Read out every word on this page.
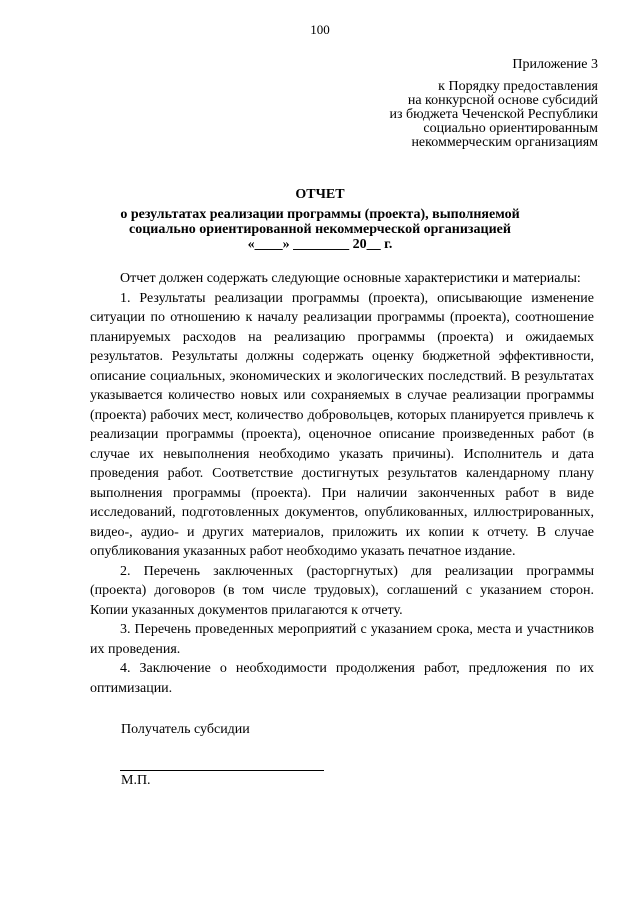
100
Приложение 3
к Порядку предоставления
на конкурсной основе субсидий
из бюджета Чеченской Республики
социально ориентированным
некоммерческим организациям
ОТЧЕТ
о результатах реализации программы (проекта), выполняемой
социально ориентированной некоммерческой организацией
«____» ________ 20__ г.

Отчет должен содержать следующие основные характеристики и материалы:

1. Результаты реализации программы (проекта), описывающие изменение ситуации по отношению к началу реализации программы (проекта), соотношение планируемых расходов на реализацию программы (проекта) и ожидаемых результатов. Результаты должны содержать оценку бюджетной эффективности, описание социальных, экономических и экологических последствий. В результатах указывается количество новых или сохраняемых в случае реализации программы (проекта) рабочих мест, количество добровольцев, которых планируется привлечь к реализации программы (проекта), оценочное описание произведенных работ (в случае их невыполнения необходимо указать причины). Исполнитель и дата проведения работ. Соответствие достигнутых результатов календарному плану выполнения программы (проекта). При наличии законченных работ в виде исследований, подготовленных документов, опубликованных, иллюстрированных, видео-, аудио- и других материалов, приложить их копии к отчету. В случае опубликования указанных работ необходимо указать печатное издание.

2. Перечень заключенных (расторгнутых) для реализации программы (проекта) договоров (в том числе трудовых), соглашений с указанием сторон. Копии указанных документов прилагаются к отчету.

3. Перечень проведенных мероприятий с указанием срока, места и участников их проведения.

4. Заключение о необходимости продолжения работ, предложения по их оптимизации.

Получатель субсидии
М.П.
